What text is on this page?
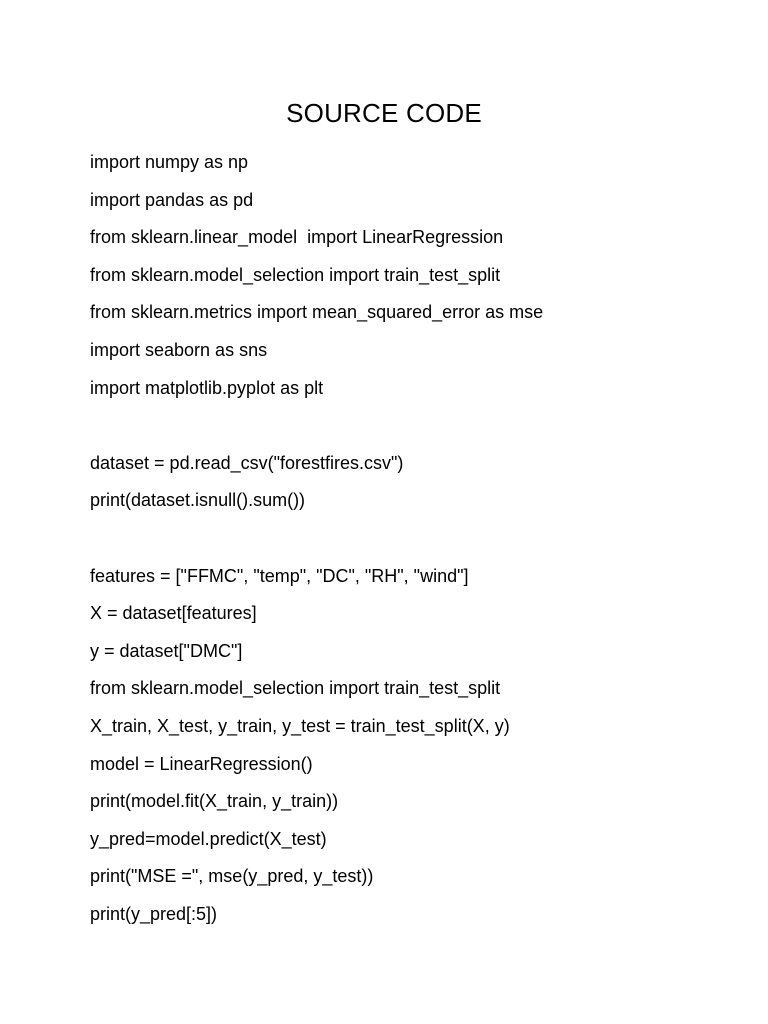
SOURCE CODE
import numpy as np
import pandas as pd
from sklearn.linear_model  import LinearRegression
from sklearn.model_selection import train_test_split
from sklearn.metrics import mean_squared_error as mse
import seaborn as sns
import matplotlib.pyplot as plt
dataset = pd.read_csv("forestfires.csv")
print(dataset.isnull().sum())
features = ["FFMC", "temp", "DC", "RH", "wind"]
X = dataset[features]
y = dataset["DMC"]
from sklearn.model_selection import train_test_split
X_train, X_test, y_train, y_test = train_test_split(X, y)
model = LinearRegression()
print(model.fit(X_train, y_train))
y_pred=model.predict(X_test)
print("MSE =", mse(y_pred, y_test))
print(y_pred[:5])
